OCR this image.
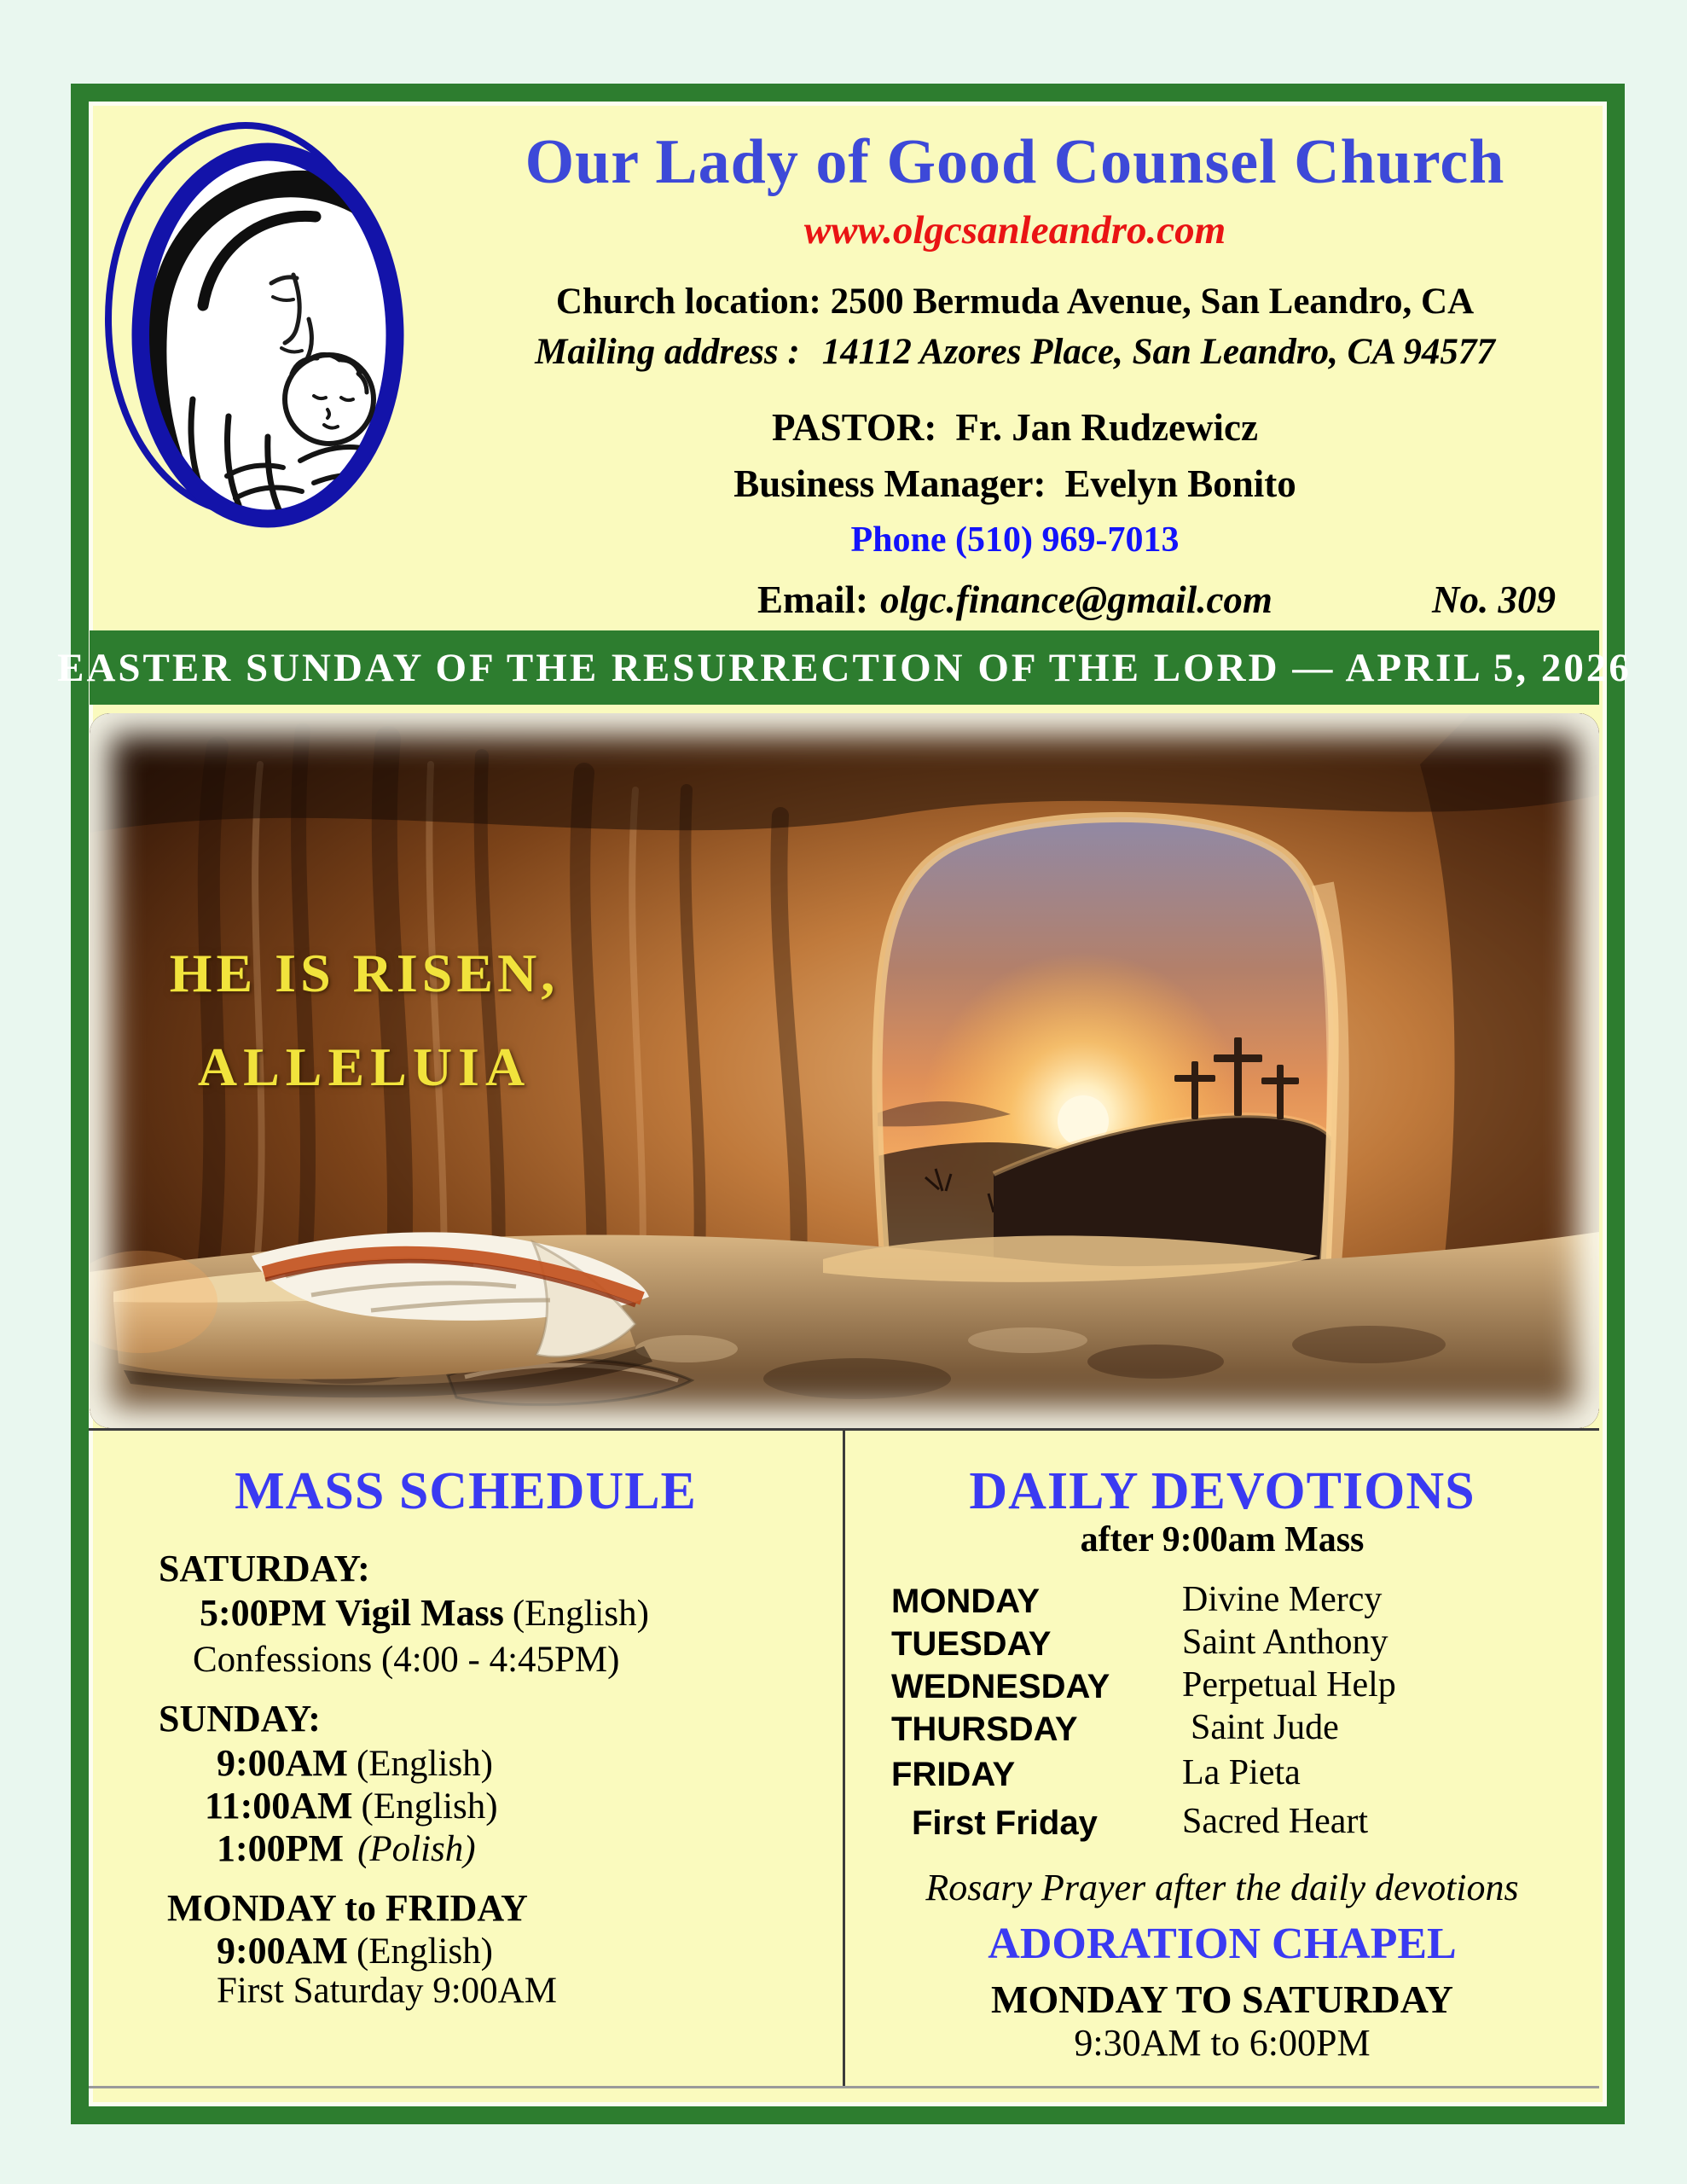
Our Lady of Good Counsel Church
www.olgcsanleandro.com
Church location: 2500 Bermuda Avenue, San Leandro, CA
Mailing address : 14112 Azores Place, San Leandro, CA 94577
PASTOR: Fr. Jan Rudzewicz
Business Manager: Evelyn Bonito
Phone (510) 969-7013
Email: olgc.finance@gmail.com	No. 309
EASTER SUNDAY OF THE RESURRECTION OF THE LORD — APRIL 5, 2026
HE IS RISEN,
ALLELUIA
MASS SCHEDULE
SATURDAY:
5:00PM Vigil Mass (English)
Confessions (4:00 - 4:45PM)
SUNDAY:
9:00AM (English)
11:00AM (English)
1:00PM (Polish)
MONDAY to FRIDAY
9:00AM (English)
First Saturday 9:00AM
DAILY DEVOTIONS
after 9:00am Mass
MONDAY	Divine Mercy
TUESDAY	Saint Anthony
WEDNESDAY Perpetual Help
THURSDAY	Saint Jude
FRIDAY	La Pieta
First Friday Sacred Heart
Rosary Prayer after the daily devotions
ADORATION CHAPEL
MONDAY TO SATURDAY
9:30AM to 6:00PM
